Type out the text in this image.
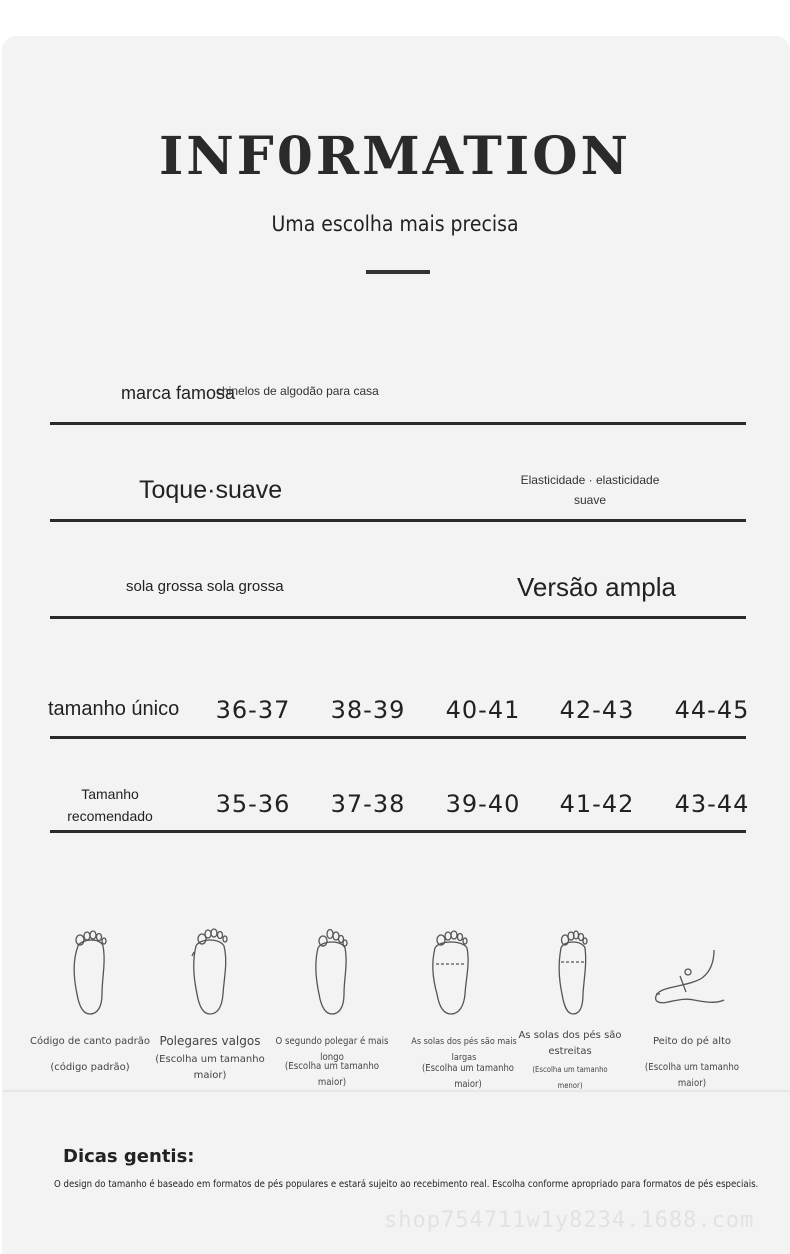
INF0RMATION
Uma escolha mais precisa
marca famosa
chinelos de algodão para casa
Toque·suave	Elasticidade · elasticidade
suave
sola grossa sola grossa	Versão ampla
tamanho único	36-37	38-39	40-41	42-43	44-45
Tamanho
recomendado	35-36	37-38	39-40	41-42	43-44
Código de canto padrão
(código padrão)
Polegares valgos
(Escolha um tamanho
maior)
O segundo polegar é mais longo
(Escolha um tamanho maior)
As solas dos pés são mais largas
(Escolha um tamanho maior)
As solas dos pés são
estreitas
(Escolha um tamanho menor)
Peito do pé alto
(Escolha um tamanho maior)
Dicas gentis:
O design do tamanho é baseado em formatos de pés populares e estará sujeito ao recebimento real. Escolha conforme apropriado para formatos de pés especiais.
shop754711w1y8234.1688.com
